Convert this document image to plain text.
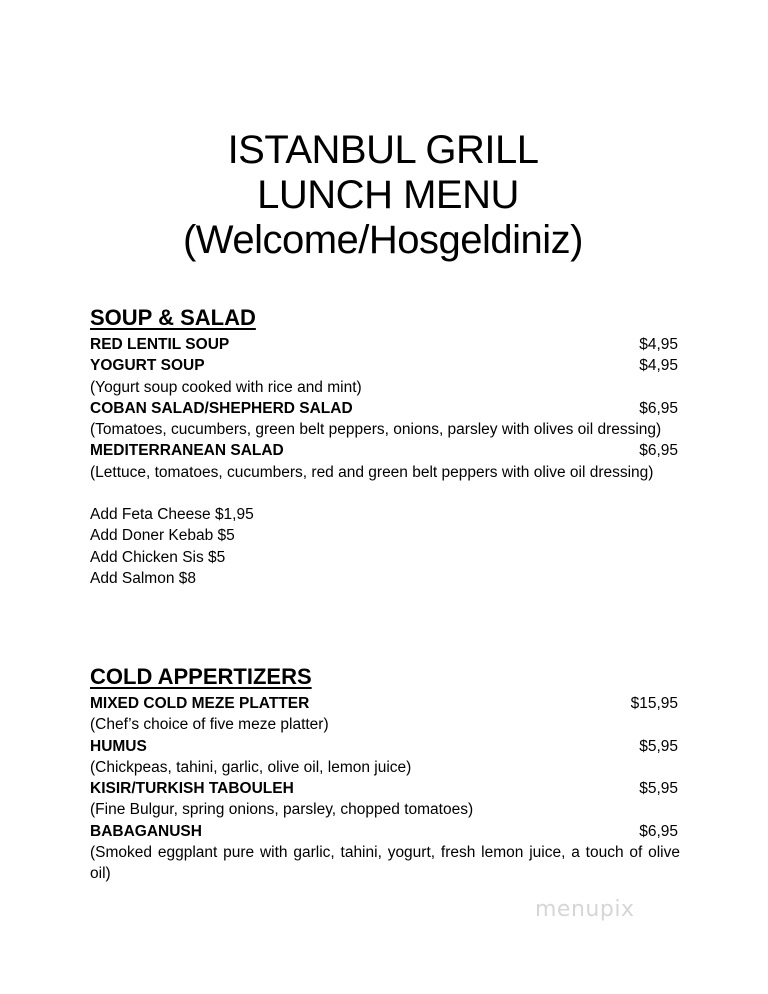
ISTANBUL GRILL
LUNCH MENU
(Welcome/Hosgeldiniz)
SOUP & SALAD
RED LENTIL SOUP	$4,95
YOGURT SOUP	$4,95
(Yogurt soup cooked with rice and mint)
COBAN SALAD/SHEPHERD SALAD	$6,95
(Tomatoes, cucumbers, green belt peppers, onions, parsley with olives oil dressing)
MEDITERRANEAN SALAD	$6,95
(Lettuce, tomatoes, cucumbers, red and green belt peppers with olive oil dressing)
Add Feta Cheese $1,95
Add Doner Kebab $5
Add Chicken Sis $5
Add Salmon $8
COLD APPERTIZERS
MIXED COLD MEZE PLATTER	$15,95
(Chef’s choice of five meze platter)
HUMUS	$5,95
(Chickpeas, tahini, garlic, olive oil, lemon juice)
KISIR/TURKISH TABOULEH	$5,95
(Fine Bulgur, spring onions, parsley, chopped tomatoes)
BABAGANUSH	$6,95
(Smoked eggplant pure with garlic, tahini, yogurt, fresh lemon juice, a touch of olive oil)
menupix
